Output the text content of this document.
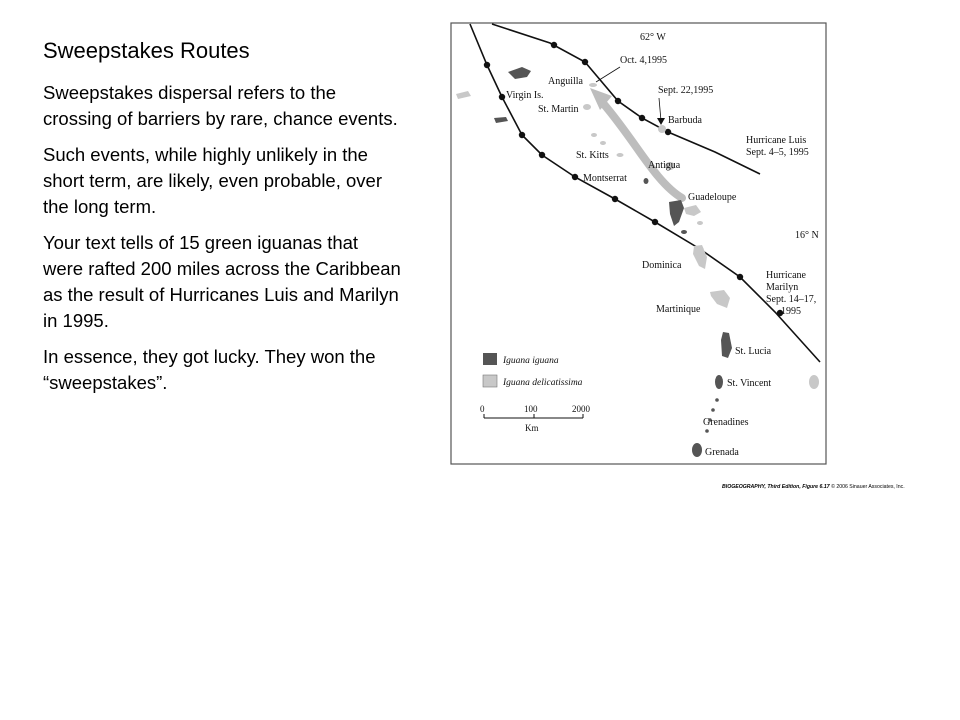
Sweepstakes Routes

Sweepstakes dispersal refers to the crossing of barriers by rare, chance events.

Such events, while highly unlikely in the short term, are likely, even probable, over the long term.

Your text tells of 15 green iguanas that were rafted 200 miles across the Caribbean as the result of Hurricanes Luis and Marilyn in 1995.

In essence, they got lucky. They won the “sweepstakes”.

62° W
Oct. 4,1995
Anguilla
Virgin Is.	Sept. 22,1995
St. Martin
Barbuda
Hurricane Luis
Sept. 4–5, 1995
St. Kitts
Antigua
Montserrat
Guadeloupe
16° N
Dominica
Hurricane
Marilyn
Sept. 14–17,
1995
Martinique
St. Lucia
St. Vincent
Grenadines
Grenada
Iguana iguana
Iguana delicatissima
0	100	2000
Km
BIOGEOGRAPHY, Third Edition, Figure 6.17 © 2006 Sinauer Associates, Inc.
